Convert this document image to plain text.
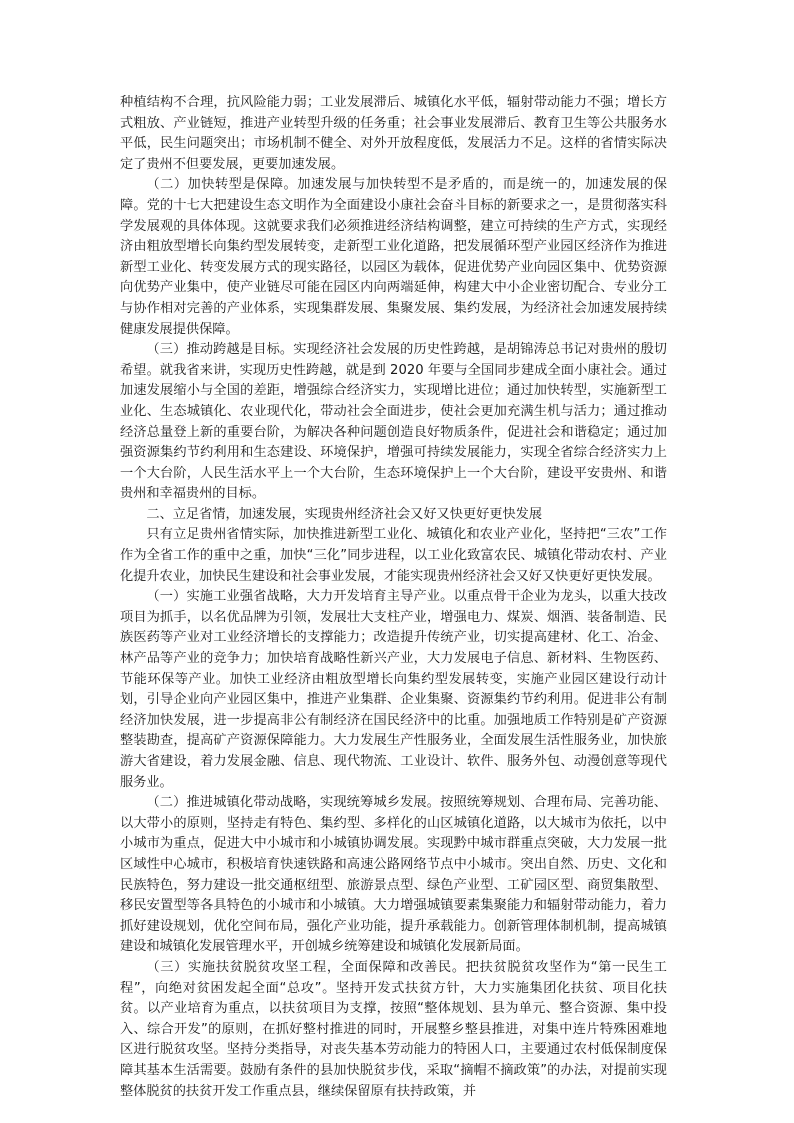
种植结构不合理，抗风险能力弱；工业发展滞后、城镇化水平低，辐射带动能力不强；增长方式粗放、产业链短，推进产业转型升级的任务重；社会事业发展滞后、教育卫生等公共服务水平低，民生问题突出；市场机制不健全、对外开放程度低，发展活力不足。这样的省情实际决定了贵州不但要发展，更要加速发展。

（二）加快转型是保障。加速发展与加快转型不是矛盾的，而是统一的，加速发展的保障。党的十七大把建设生态文明作为全面建设小康社会奋斗目标的新要求之一，是贯彻落实科学发展观的具体体现。这就要求我们必须推进经济结构调整，建立可持续的生产方式，实现经济由粗放型增长向集约型发展转变，走新型工业化道路，把发展循环型产业园区经济作为推进新型工业化、转变发展方式的现实路径，以园区为载体，促进优势产业向园区集中、优势资源向优势产业集中，使产业链尽可能在园区内向两端延伸，构建大中小企业密切配合、专业分工与协作相对完善的产业体系，实现集群发展、集聚发展、集约发展，为经济社会加速发展持续健康发展提供保障。

（三）推动跨越是目标。实现经济社会发展的历史性跨越，是胡锦涛总书记对贵州的殷切希望。就我省来讲，实现历史性跨越，就是到 2020 年要与全国同步建成全面小康社会。通过加速发展缩小与全国的差距，增强综合经济实力，实现增比进位；通过加快转型，实施新型工业化、生态城镇化、农业现代化，带动社会全面进步，使社会更加充满生机与活力；通过推动经济总量登上新的重要台阶，为解决各种问题创造良好物质条件，促进社会和谐稳定；通过加强资源集约节约利用和生态建设、环境保护，增强可持续发展能力，实现全省综合经济实力上一个大台阶，人民生活水平上一个大台阶，生态环境保护上一个大台阶，建设平安贵州、和谐贵州和幸福贵州的目标。

二、立足省情，加速发展，实现贵州经济社会又好又快更好更快发展

只有立足贵州省情实际，加快推进新型工业化、城镇化和农业产业化，坚持把“三农”工作作为全省工作的重中之重，加快“三化”同步进程，以工业化致富农民、城镇化带动农村、产业化提升农业，加快民生建设和社会事业发展，才能实现贵州经济社会又好又快更好更快发展。

（一）实施工业强省战略，大力开发培育主导产业。以重点骨干企业为龙头，以重大技改项目为抓手，以名优品牌为引领，发展壮大支柱产业，增强电力、煤炭、烟酒、装备制造、民族医药等产业对工业经济增长的支撑能力；改造提升传统产业，切实提高建材、化工、冶金、林产品等产业的竞争力；加快培育战略性新兴产业，大力发展电子信息、新材料、生物医药、节能环保等产业。加快工业经济由粗放型增长向集约型发展转变，实施产业园区建设行动计划，引导企业向产业园区集中，推进产业集群、企业集聚、资源集约节约利用。促进非公有制经济加快发展，进一步提高非公有制经济在国民经济中的比重。加强地质工作特别是矿产资源整装勘查，提高矿产资源保障能力。大力发展生产性服务业，全面发展生活性服务业，加快旅游大省建设，着力发展金融、信息、现代物流、工业设计、软件、服务外包、动漫创意等现代服务业。

（二）推进城镇化带动战略，实现统筹城乡发展。按照统筹规划、合理布局、完善功能、以大带小的原则，坚持走有特色、集约型、多样化的山区城镇化道路，以大城市为依托，以中小城市为重点，促进大中小城市和小城镇协调发展。实现黔中城市群重点突破，大力发展一批区域性中心城市，积极培育快速铁路和高速公路网络节点中小城市。突出自然、历史、文化和民族特色，努力建设一批交通枢纽型、旅游景点型、绿色产业型、工矿园区型、商贸集散型、移民安置型等各具特色的小城市和小城镇。大力增强城镇要素集聚能力和辐射带动能力，着力抓好建设规划，优化空间布局，强化产业功能，提升承载能力。创新管理体制机制，提高城镇建设和城镇化发展管理水平，开创城乡统筹建设和城镇化发展新局面。

（三）实施扶贫脱贫攻坚工程，全面保障和改善民。把扶贫脱贫攻坚作为“第一民生工程”，向绝对贫困发起全面“总攻”。坚持开发式扶贫方针，大力实施集团化扶贫、项目化扶贫。以产业培育为重点，以扶贫项目为支撑，按照“整体规划、县为单元、整合资源、集中投入、综合开发”的原则，在抓好整村推进的同时，开展整乡整县推进，对集中连片特殊困难地区进行脱贫攻坚。坚持分类指导，对丧失基本劳动能力的特困人口，主要通过农村低保制度保障其基本生活需要。鼓励有条件的县加快脱贫步伐，采取“摘帽不摘政策”的办法，对提前实现整体脱贫的扶贫开发工作重点县，继续保留原有扶持政策，并
